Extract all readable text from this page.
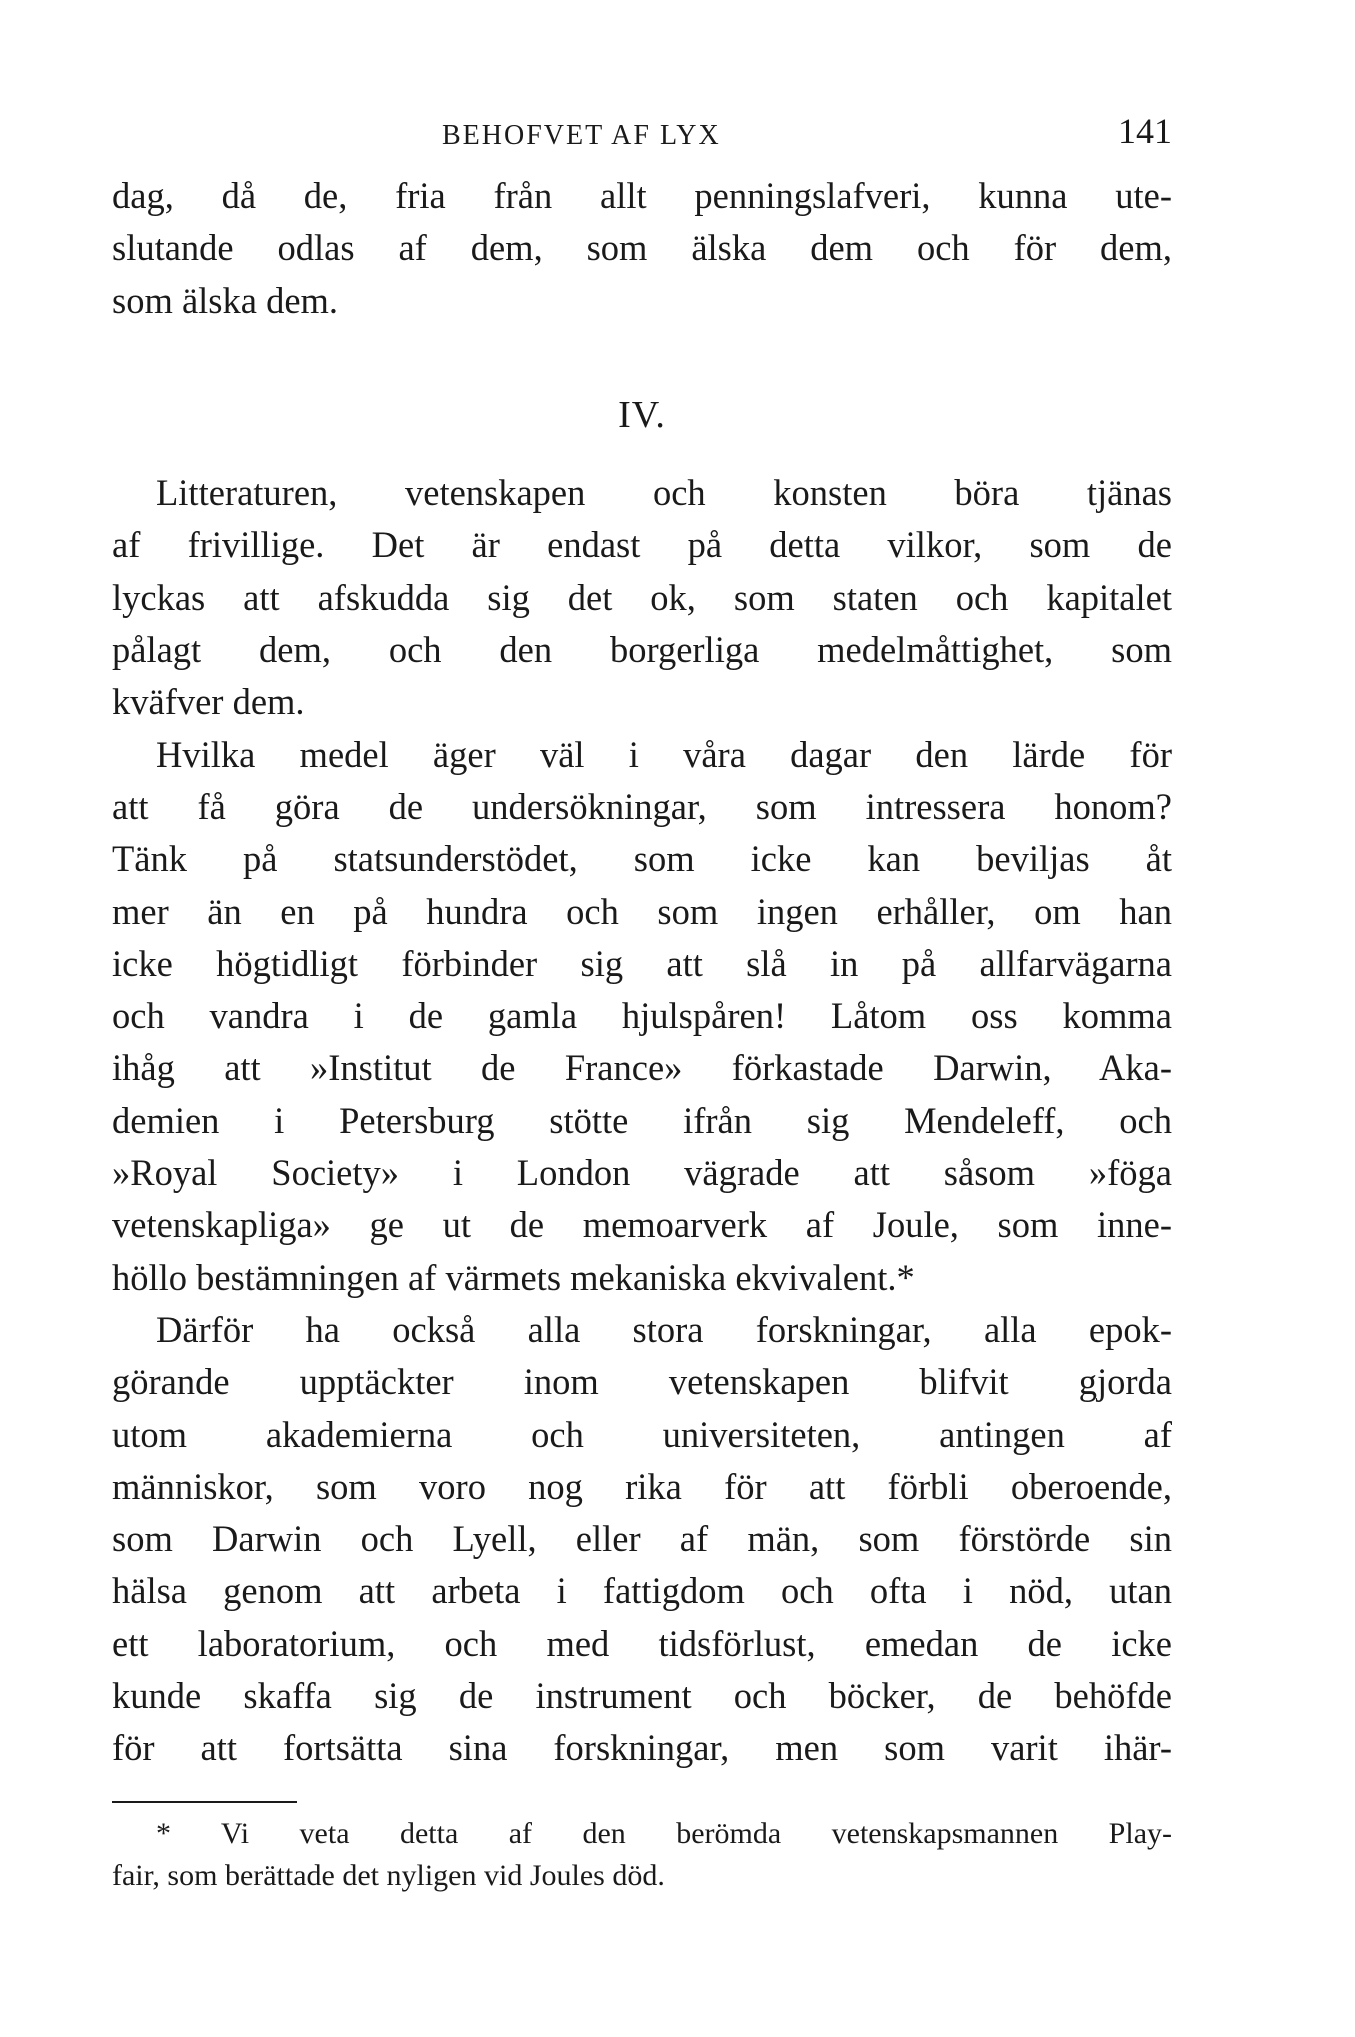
BEHOFVET AF LYX	141
dag, då de, fria från allt penningslafveri, kunna ute-
slutande odlas af dem, som älska dem och för dem,
som älska dem.
IV.
Litteraturen, vetenskapen och konsten böra tjänas
af frivillige. Det är endast på detta vilkor, som de
lyckas att afskudda sig det ok, som staten och kapitalet
pålagt dem, och den borgerliga medelmåttighet, som
kväfver dem.
Hvilka medel äger väl i våra dagar den lärde för
att få göra de undersökningar, som intressera honom?
Tänk på statsunderstödet, som icke kan beviljas åt
mer än en på hundra och som ingen erhåller, om han
icke högtidligt förbinder sig att slå in på allfarvägarna
och vandra i de gamla hjulspåren! Låtom oss komma
ihåg att »Institut de France» förkastade Darwin, Aka-
demien i Petersburg stötte ifrån sig Mendeleff, och
»Royal Society» i London vägrade att såsom »föga
vetenskapliga» ge ut de memoarverk af Joule, som inne-
höllo bestämningen af värmets mekaniska ekvivalent.*
Därför ha också alla stora forskningar, alla epok-
görande upptäckter inom vetenskapen blifvit gjorda
utom akademierna och universiteten, antingen af
människor, som voro nog rika för att förbli oberoende,
som Darwin och Lyell, eller af män, som förstörde sin
hälsa genom att arbeta i fattigdom och ofta i nöd, utan
ett laboratorium, och med tidsförlust, emedan de icke
kunde skaffa sig de instrument och böcker, de behöfde
för att fortsätta sina forskningar, men som varit ihär-
* Vi veta detta af den berömda vetenskapsmannen Play-
fair, som berättade det nyligen vid Joules död.
